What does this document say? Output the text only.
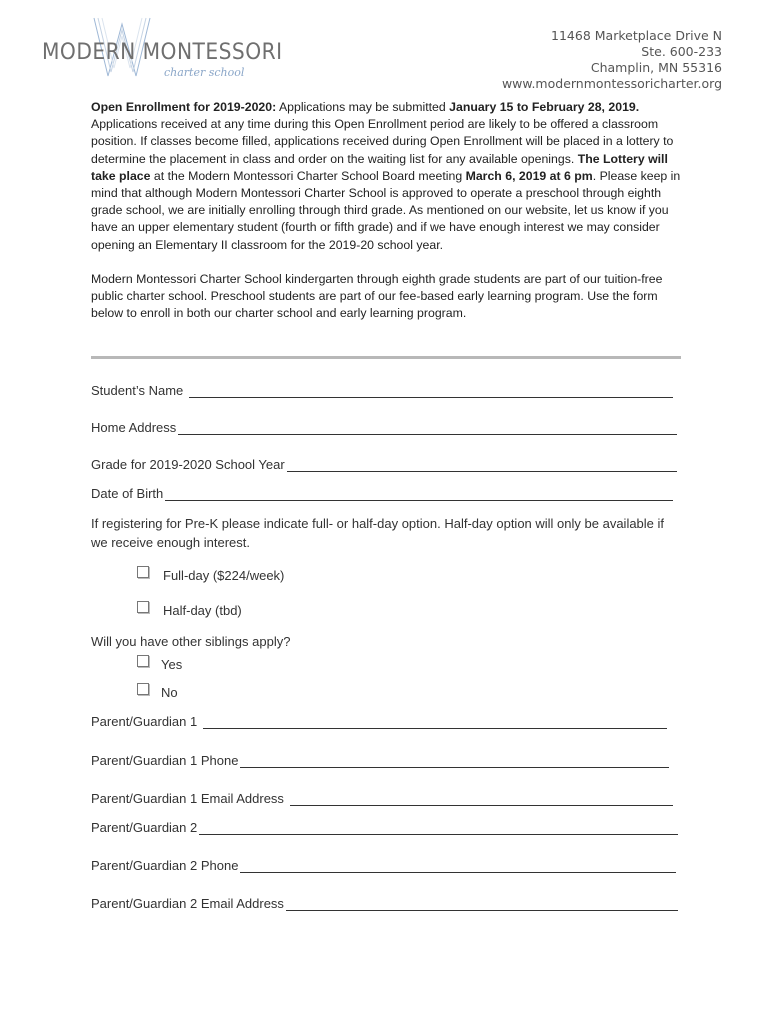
MODERN MONTESSORI
charter school
11468 Marketplace Drive N
Ste. 600-233
Champlin, MN 55316
www.modernmontessoricharter.org

Open Enrollment for 2019-2020: Applications may be submitted January 15 to February 28, 2019. Applications received at any time during this Open Enrollment period are likely to be offered a classroom position. If classes become filled, applications received during Open Enrollment will be placed in a lottery to determine the placement in class and order on the waiting list for any available openings. The Lottery will take place at the Modern Montessori Charter School Board meeting March 6, 2019 at 6 pm. Please keep in mind that although Modern Montessori Charter School is approved to operate a preschool through eighth grade school, we are initially enrolling through third grade. As mentioned on our website, let us know if you have an upper elementary student (fourth or fifth grade) and if we have enough interest we may consider opening an Elementary II classroom for the 2019-20 school year.

Modern Montessori Charter School kindergarten through eighth grade students are part of our tuition-free public charter school. Preschool students are part of our fee-based early learning program. Use the form below to enroll in both our charter school and early learning program.

Student’s Name
Home Address
Grade for 2019-2020 School Year
Date of Birth
If registering for Pre-K please indicate full- or half-day option. Half-day option will only be available if we receive enough interest.
Full-day ($224/week)
Half-day (tbd)
Will you have other siblings apply?
Yes
No
Parent/Guardian 1
Parent/Guardian 1 Phone
Parent/Guardian 1 Email Address
Parent/Guardian 2
Parent/Guardian 2 Phone
Parent/Guardian 2 Email Address
